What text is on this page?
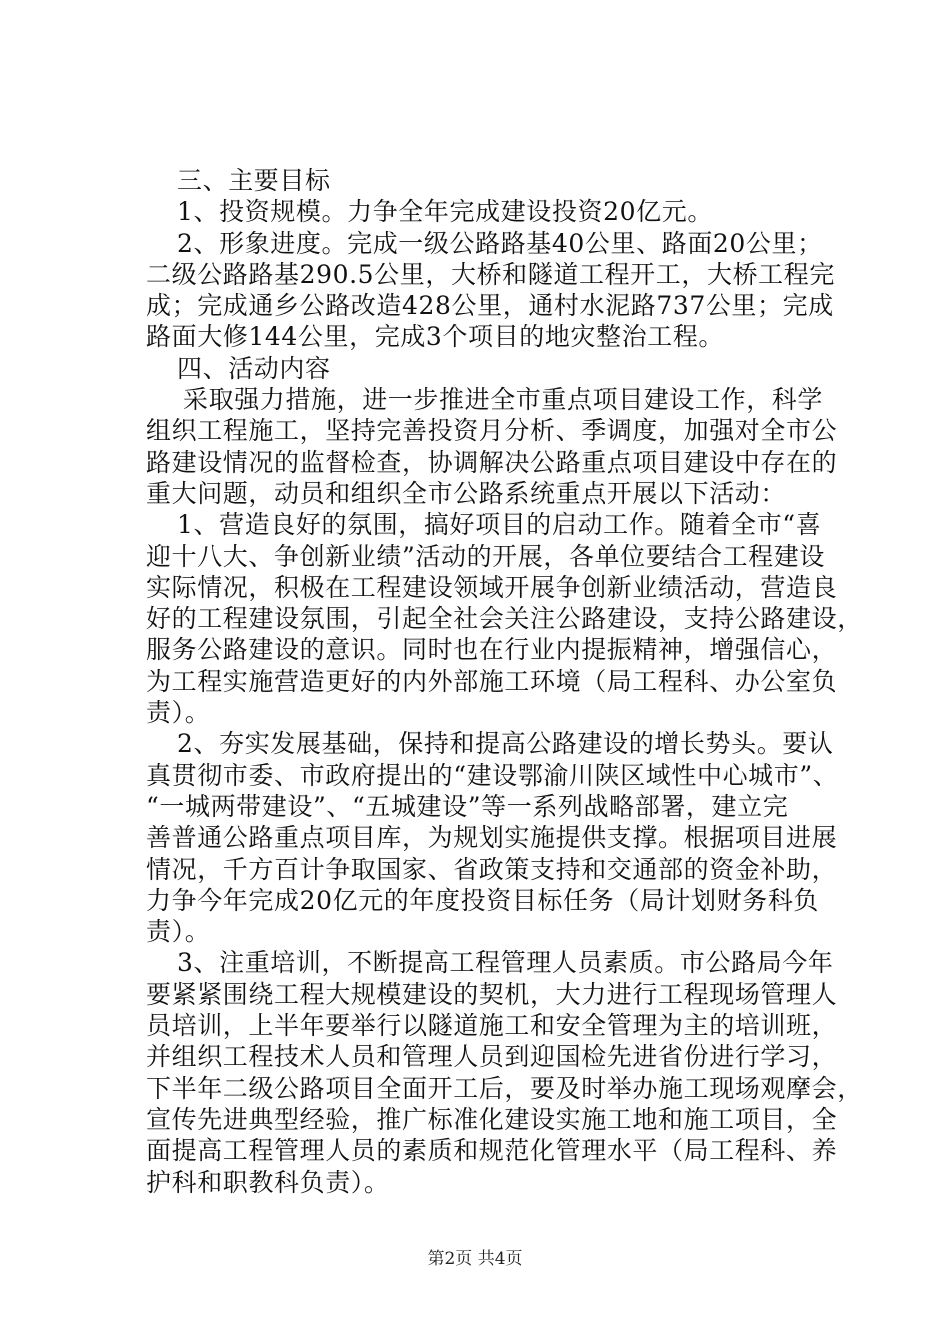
三、主要目标
1、投资规模。力争全年完成建设投资20亿元。
2、形象进度。完成一级公路路基40公里、路面20公里；
二级公路路基290.5公里，大桥和隧道工程开工，大桥工程完
成；完成通乡公路改造428公里，通村水泥路737公里；完成
路面大修144公里，完成3个项目的地灾整治工程。
四、活动内容
采取强力措施，进一步推进全市重点项目建设工作，科学
组织工程施工，坚持完善投资月分析、季调度，加强对全市公
路建设情况的监督检查，协调解决公路重点项目建设中存在的
重大问题，动员和组织全市公路系统重点开展以下活动：
1、营造良好的氛围，搞好项目的启动工作。随着全市“喜
迎十八大、争创新业绩”活动的开展，各单位要结合工程建设
实际情况，积极在工程建设领域开展争创新业绩活动，营造良
好的工程建设氛围，引起全社会关注公路建设，支持公路建设，
服务公路建设的意识。同时也在行业内提振精神，增强信心，
为工程实施营造更好的内外部施工环境（局工程科、办公室负
责）。
2、夯实发展基础，保持和提高公路建设的增长势头。要认
真贯彻市委、市政府提出的“建设鄂渝川陕区域性中心城市”、
“一城两带建设”、“五城建设”等一系列战略部署，建立完
善普通公路重点项目库，为规划实施提供支撑。根据项目进展
情况，千方百计争取国家、省政策支持和交通部的资金补助，
力争今年完成20亿元的年度投资目标任务（局计划财务科负
责）。
3、注重培训，不断提高工程管理人员素质。市公路局今年
要紧紧围绕工程大规模建设的契机，大力进行工程现场管理人
员培训，上半年要举行以隧道施工和安全管理为主的培训班，
并组织工程技术人员和管理人员到迎国检先进省份进行学习，
下半年二级公路项目全面开工后，要及时举办施工现场观摩会，
宣传先进典型经验，推广标准化建设实施工地和施工项目，全
面提高工程管理人员的素质和规范化管理水平（局工程科、养
护科和职教科负责）。
第2页 共4页
